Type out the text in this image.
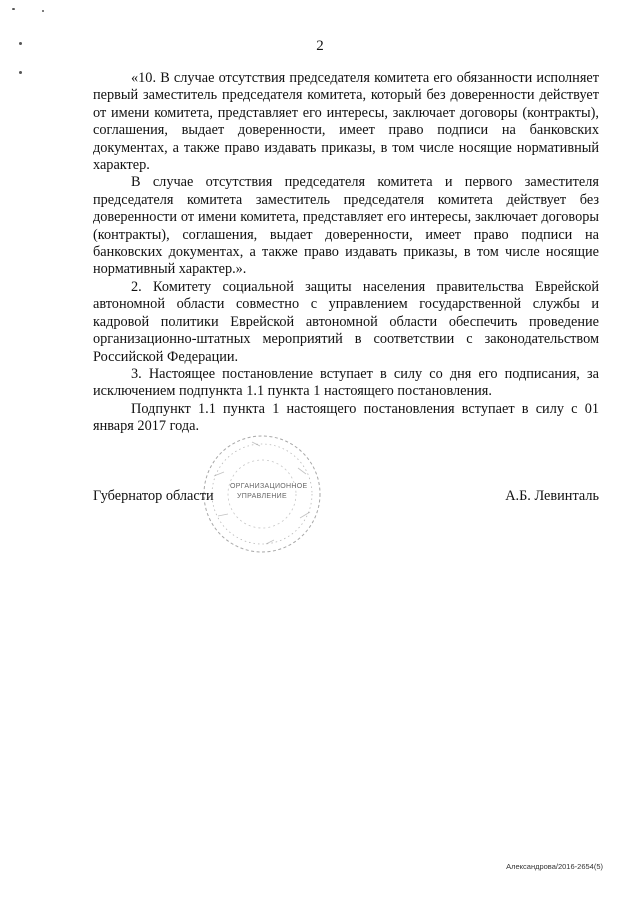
2

«10. В случае отсутствия председателя комитета его обязанности исполняет первый заместитель председателя комитета, который без доверенности действует от имени комитета, представляет его интересы, заключает договоры (контракты), соглашения, выдает доверенности, имеет право подписи на банковских документах, а также право издавать приказы, в том числе носящие нормативный характер.

В случае отсутствия председателя комитета и первого заместителя председателя комитета заместитель председателя комитета действует без доверенности от имени комитета, представляет его интересы, заключает договоры (контракты), соглашения, выдает доверенности, имеет право подписи на банковских документах, а также право издавать приказы, в том числе носящие нормативный характер.».

2. Комитету социальной защиты населения правительства Еврейской автономной области совместно с управлением государственной службы и кадровой политики Еврейской автономной области обеспечить проведение организационно-штатных мероприятий в соответствии с законодательством Российской Федерации.

3. Настоящее постановление вступает в силу со дня его подписания, за исключением подпункта 1.1 пункта 1 настоящего постановления.

Подпункт 1.1 пункта 1 настоящего постановления вступает в силу с 01 января 2017 года.

ОРГАНИЗАЦИОННОЕ
УПРАВЛЕНИЕ
Губернатор области	А.Б. Левинталь
Александрова/2016-2654(5)
